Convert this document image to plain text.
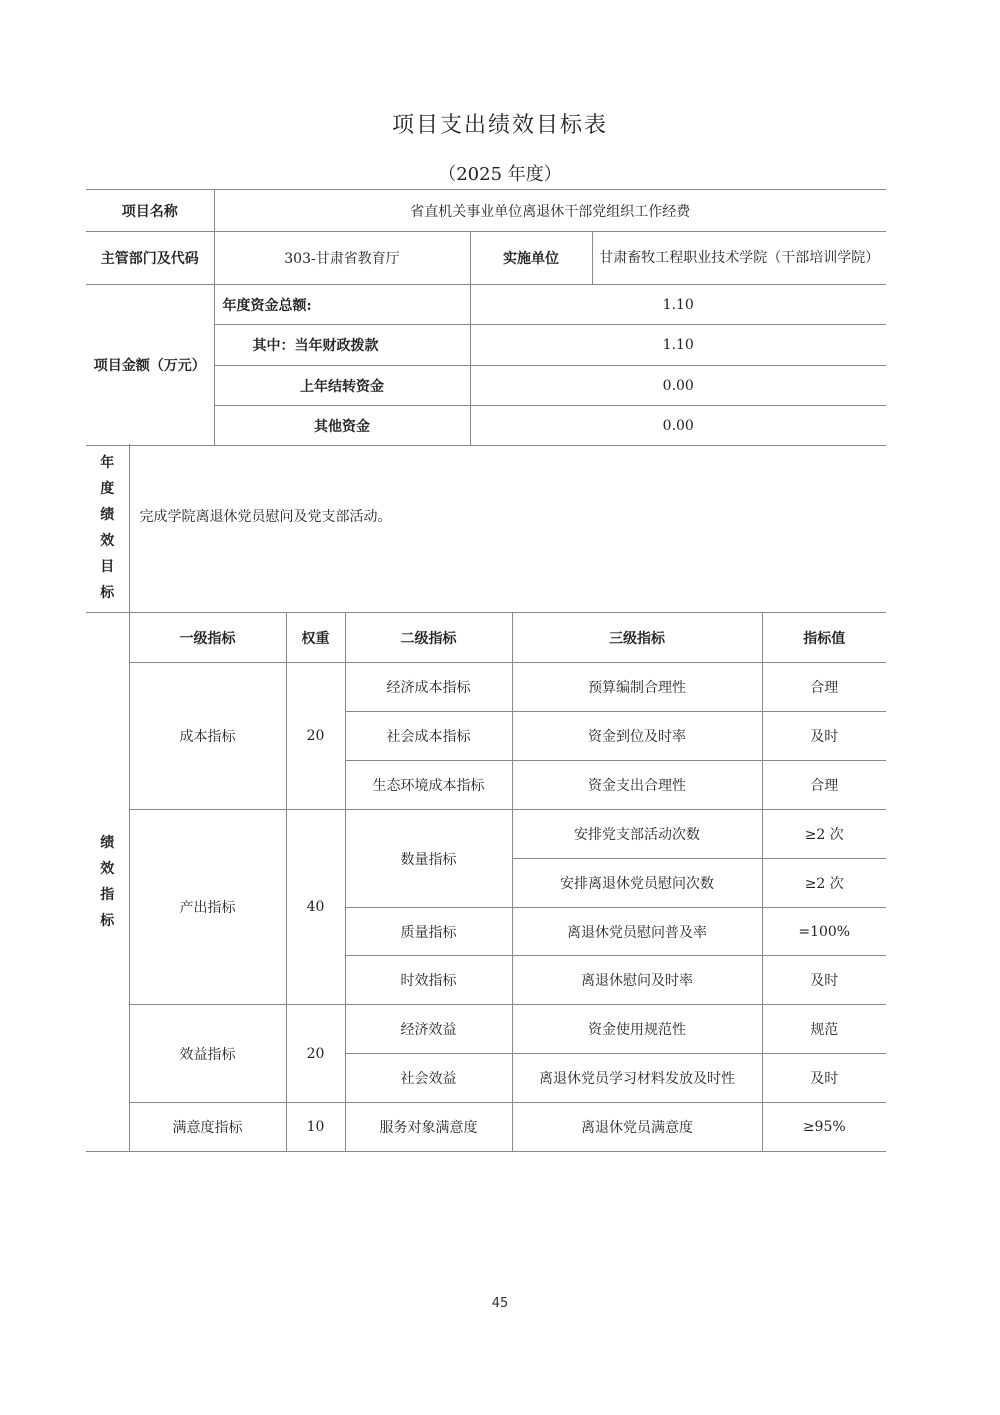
项目支出绩效目标表
（2025 年度）
项目名称	省直机关事业单位离退休干部党组织工作经费		
主管部门及代码	303-甘肃省教育厅	实施单位	甘肃畜牧工程职业技术学院（干部培训学院）
项目金额（万元）	年度资金总额:	1.10	
	其中：当年财政拨款	1.10	
	上年结转资金	0.00	
	其他资金	0.00	
年
度
绩
效
目
标
	完成学院离退休党员慰问及党支部活动。
绩
效
指
标	一级指标	权重	二级指标	三级指标	指标值
	成本指标	20	经济成本指标	预算编制合理性	合理
			社会成本指标	资金到位及时率	及时
			生态环境成本指标	资金支出合理性	合理
	产出指标	40	数量指标	安排党支部活动次数	≥2 次
				安排离退休党员慰问次数	≥2 次
			质量指标	离退休党员慰问普及率	=100%
			时效指标	离退休慰问及时率	及时
	效益指标	20	经济效益	资金使用规范性	规范
			社会效益	离退休党员学习材料发放及时性	及时
	满意度指标	10	服务对象满意度	离退休党员满意度	≥95%
45
